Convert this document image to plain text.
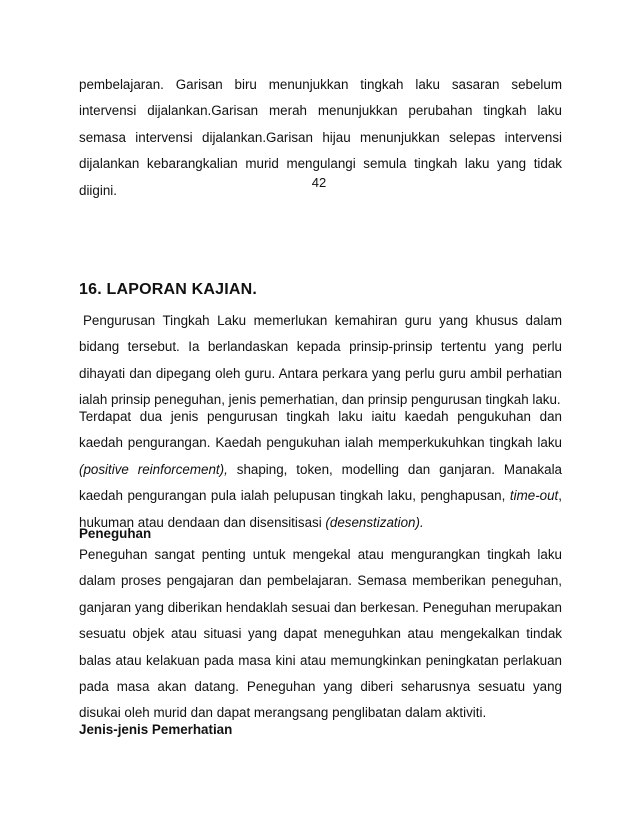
pembelajaran. Garisan biru menunjukkan tingkah laku sasaran sebelum intervensi dijalankan.Garisan merah menunjukkan perubahan tingkah laku semasa intervensi dijalankan.Garisan hijau menunjukkan selepas intervensi dijalankan kebarangkalian murid mengulangi semula tingkah laku yang tidak diigini.

42
16. LAPORAN KAJIAN.

Pengurusan Tingkah Laku memerlukan kemahiran guru yang khusus dalam bidang tersebut. Ia berlandaskan kepada prinsip-prinsip tertentu yang perlu dihayati dan dipegang oleh guru. Antara perkara yang perlu guru ambil perhatian ialah prinsip peneguhan, jenis pemerhatian, dan prinsip pengurusan tingkah laku.

Terdapat dua jenis pengurusan tingkah laku iaitu kaedah pengukuhan dan kaedah pengurangan. Kaedah pengukuhan ialah memperkukuhkan tingkah laku (positive reinforcement), shaping, token, modelling dan ganjaran. Manakala kaedah pengurangan pula ialah pelupusan tingkah laku, penghapusan, time-out, hukuman atau dendaan dan disensitisasi (desenstization).

Peneguhan

Peneguhan sangat penting untuk mengekal atau mengurangkan tingkah laku dalam proses pengajaran dan pembelajaran. Semasa memberikan peneguhan, ganjaran yang diberikan hendaklah sesuai dan berkesan. Peneguhan merupakan sesuatu objek atau situasi yang dapat meneguhkan atau mengekalkan tindak balas atau kelakuan pada masa kini atau memungkinkan peningkatan perlakuan pada masa akan datang. Peneguhan yang diberi seharusnya sesuatu yang disukai oleh murid dan dapat merangsang penglibatan dalam aktiviti.

Jenis-jenis Pemerhatian
